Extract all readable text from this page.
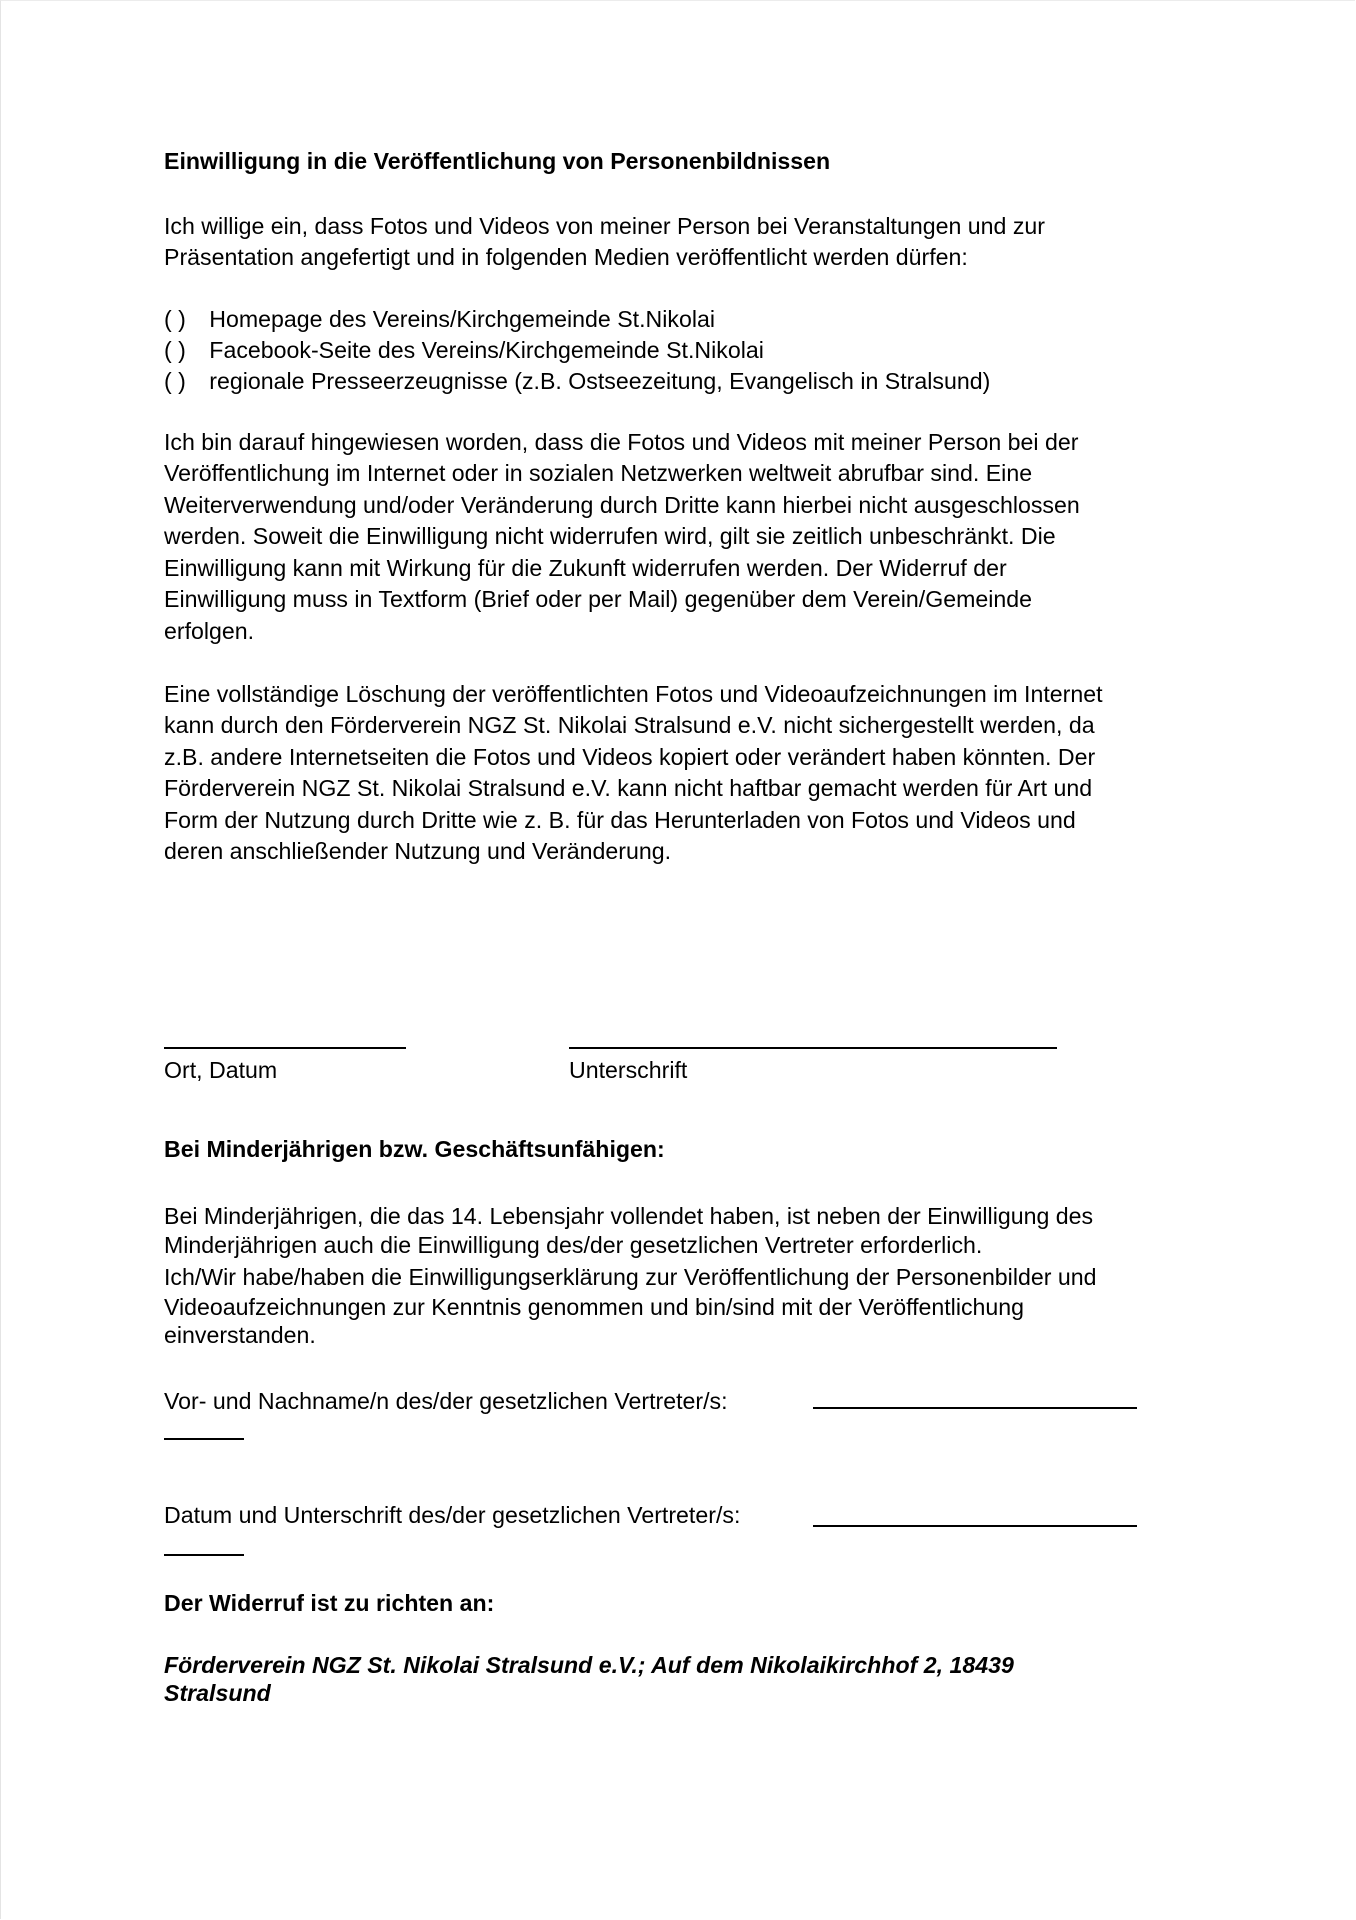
Einwilligung in die Veröffentlichung von Personenbildnissen
Ich willige ein, dass Fotos und Videos von meiner Person bei Veranstaltungen und zur
Präsentation angefertigt und in folgenden Medien veröffentlicht werden dürfen:
( ) Homepage des Vereins/Kirchgemeinde St.Nikolai
( ) Facebook-Seite des Vereins/Kirchgemeinde St.Nikolai
( ) regionale Presseerzeugnisse (z.B. Ostseezeitung, Evangelisch in Stralsund)
Ich bin darauf hingewiesen worden, dass die Fotos und Videos mit meiner Person bei der
Veröffentlichung im Internet oder in sozialen Netzwerken weltweit abrufbar sind. Eine
Weiterverwendung und/oder Veränderung durch Dritte kann hierbei nicht ausgeschlossen
werden. Soweit die Einwilligung nicht widerrufen wird, gilt sie zeitlich unbeschränkt. Die
Einwilligung kann mit Wirkung für die Zukunft widerrufen werden. Der Widerruf der
Einwilligung muss in Textform (Brief oder per Mail) gegenüber dem Verein/Gemeinde
erfolgen.
Eine vollständige Löschung der veröffentlichten Fotos und Videoaufzeichnungen im Internet
kann durch den Förderverein NGZ St. Nikolai Stralsund e.V. nicht sichergestellt werden, da
z.B. andere Internetseiten die Fotos und Videos kopiert oder verändert haben könnten. Der
Förderverein NGZ St. Nikolai Stralsund e.V. kann nicht haftbar gemacht werden für Art und
Form der Nutzung durch Dritte wie z. B. für das Herunterladen von Fotos und Videos und
deren anschließender Nutzung und Veränderung.
Ort, Datum	Unterschrift
Bei Minderjährigen bzw. Geschäftsunfähigen:
Bei Minderjährigen, die das 14. Lebensjahr vollendet haben, ist neben der Einwilligung des
Minderjährigen auch die Einwilligung des/der gesetzlichen Vertreter erforderlich.
Ich/Wir habe/haben die Einwilligungserklärung zur Veröffentlichung der Personenbilder und
Videoaufzeichnungen zur Kenntnis genommen und bin/sind mit der Veröffentlichung
einverstanden.
Vor- und Nachname/n des/der gesetzlichen Vertreter/s:
Datum und Unterschrift des/der gesetzlichen Vertreter/s:
Der Widerruf ist zu richten an:
Förderverein NGZ St. Nikolai Stralsund e.V.; Auf dem Nikolaikirchhof 2, 18439
Stralsund
